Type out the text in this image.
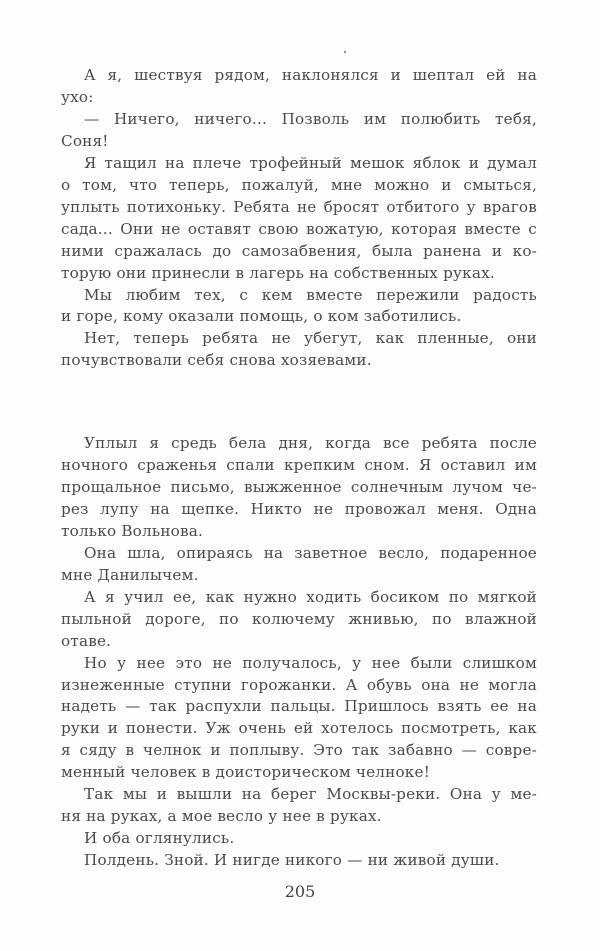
А я, шествуя рядом, наклонялся и шептал ей на
ухо:
— Ничего, ничего... Позволь им полюбить тебя,
Соня!
Я тащил на плече трофейный мешок яблок и думал
о том, что теперь, пожалуй, мне можно и смыться,
уплыть потихоньку. Ребята не бросят отбитого у врагов
сада... Они не оставят свою вожатую, которая вместе с
ними сражалась до самозабвения, была ранена и ко-
торую они принесли в лагерь на собственных руках.
Мы любим тех, с кем вместе пережили радость
и горе, кому оказали помощь, о ком заботились.
Нет, теперь ребята не убегут, как пленные, они
почувствовали себя снова хозяевами.
Уплыл я средь бела дня, когда все ребята после
ночного сраженья спали крепким сном. Я оставил им
прощальное письмо, выжженное солнечным лучом че-
рез лупу на щепке. Никто не провожал меня. Одна
только Вольнова.
Она шла, опираясь на заветное весло, подаренное
мне Данилычем.
А я учил ее, как нужно ходить босиком по мягкой
пыльной дороге, по колючему жнивью, по влажной
отаве.
Но у нее это не получалось, у нее были слишком
изнеженные ступни горожанки. А обувь она не могла
надеть — так распухли пальцы. Пришлось взять ее на
руки и понести. Уж очень ей хотелось посмотреть, как
я сяду в челнок и поплыву. Это так забавно — совре-
менный человек в доисторическом челноке!
Так мы и вышли на берег Москвы-реки. Она у ме-
ня на руках, а мое весло у нее в руках.
И оба оглянулись.
Полдень. Зной. И нигде никого — ни живой души.
205
